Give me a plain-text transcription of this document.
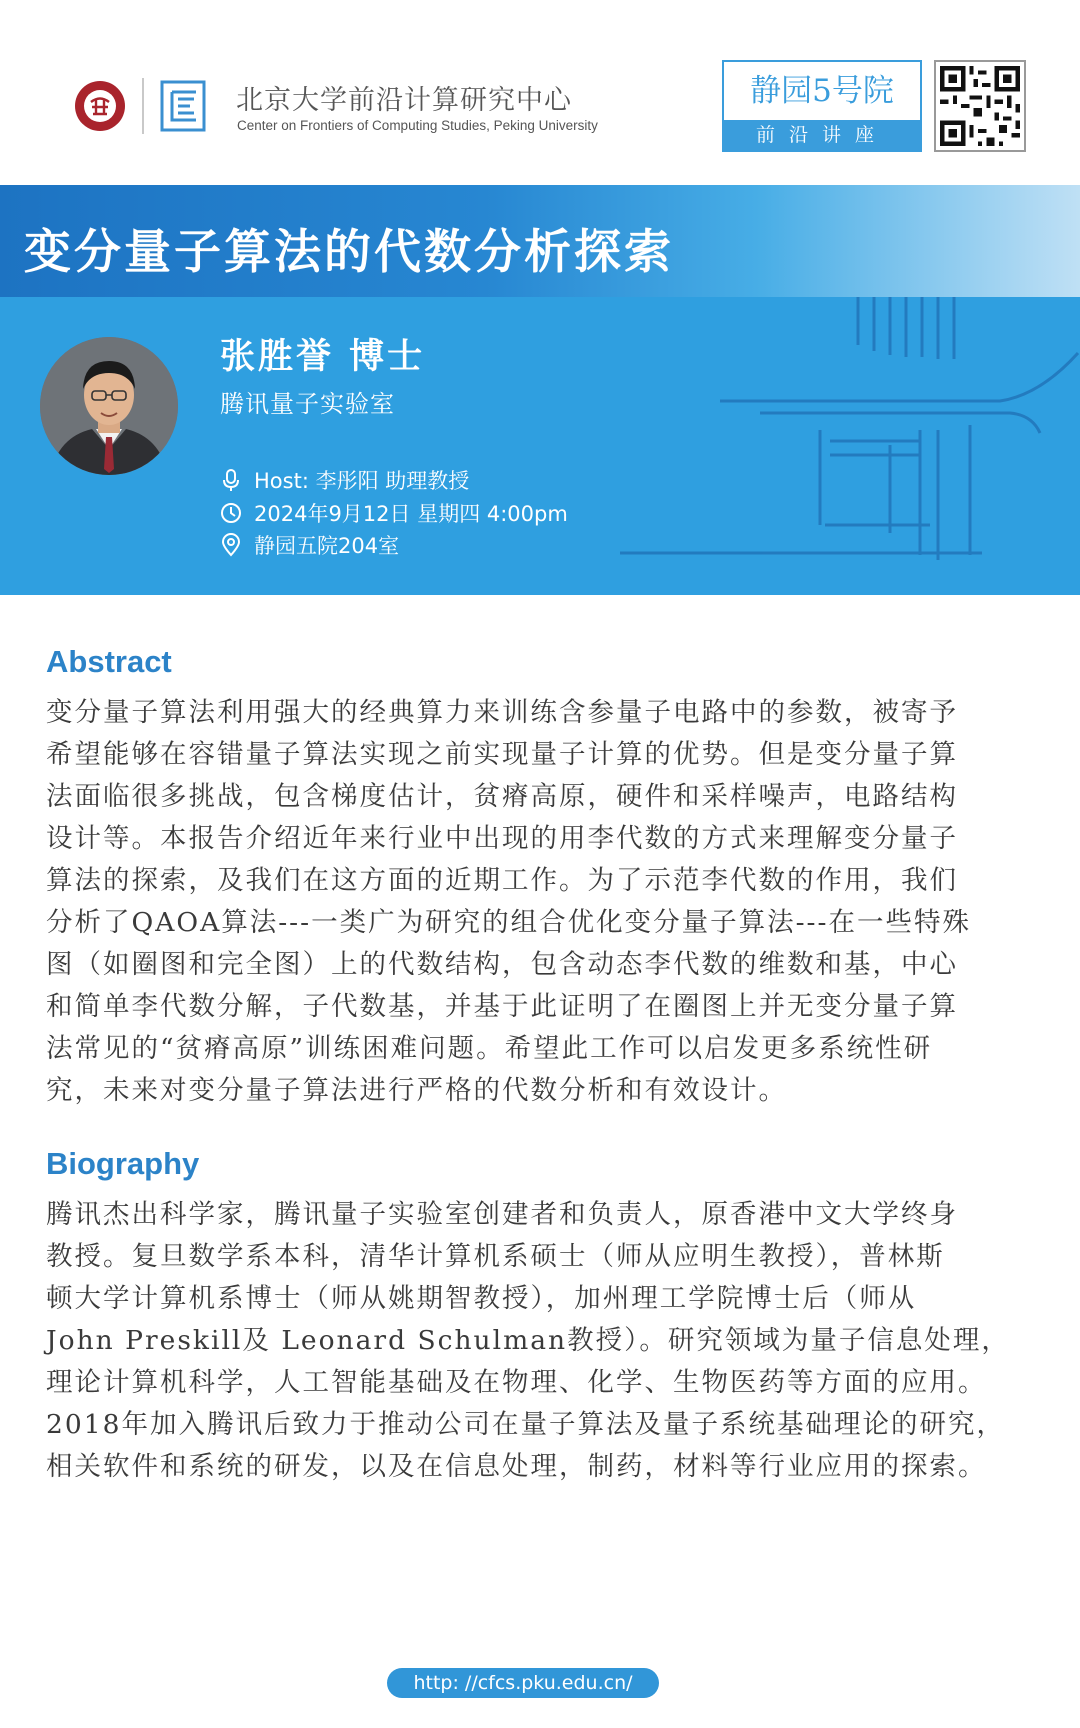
北京大学前沿计算研究中心
Center on Frontiers of Computing Studies, Peking University
静园5号院
前沿讲座
变分量子算法的代数分析探索
张胜誉 博士
腾讯量子实验室
Host: 李彤阳 助理教授
2024年9月12日 星期四 4:00pm
静园五院204室
Abstract
变分量子算法利用强大的经典算力来训练含参量子电路中的参数，被寄予
希望能够在容错量子算法实现之前实现量子计算的优势。但是变分量子算
法面临很多挑战，包含梯度估计，贫瘠高原，硬件和采样噪声，电路结构
设计等。本报告介绍近年来行业中出现的用李代数的方式来理解变分量子
算法的探索，及我们在这方面的近期工作。为了示范李代数的作用，我们
分析了QAOA算法---一类广为研究的组合优化变分量子算法---在一些特殊
图（如圈图和完全图）上的代数结构，包含动态李代数的维数和基，中心
和简单李代数分解，子代数基，并基于此证明了在圈图上并无变分量子算
法常见的“贫瘠高原”训练困难问题。希望此工作可以启发更多系统性研
究，未来对变分量子算法进行严格的代数分析和有效设计。
Biography
腾讯杰出科学家，腾讯量子实验室创建者和负责人，原香港中文大学终身
教授。复旦数学系本科，清华计算机系硕士（师从应明生教授），普林斯
顿大学计算机系博士（师从姚期智教授），加州理工学院博士后（师从
John Preskill及 Leonard Schulman教授）。研究领域为量子信息处理，
理论计算机科学，人工智能基础及在物理、化学、生物医药等方面的应用。
2018年加入腾讯后致力于推动公司在量子算法及量子系统基础理论的研究，
相关软件和系统的研发，以及在信息处理，制药，材料等行业应用的探索。
http: //cfcs.pku.edu.cn/
